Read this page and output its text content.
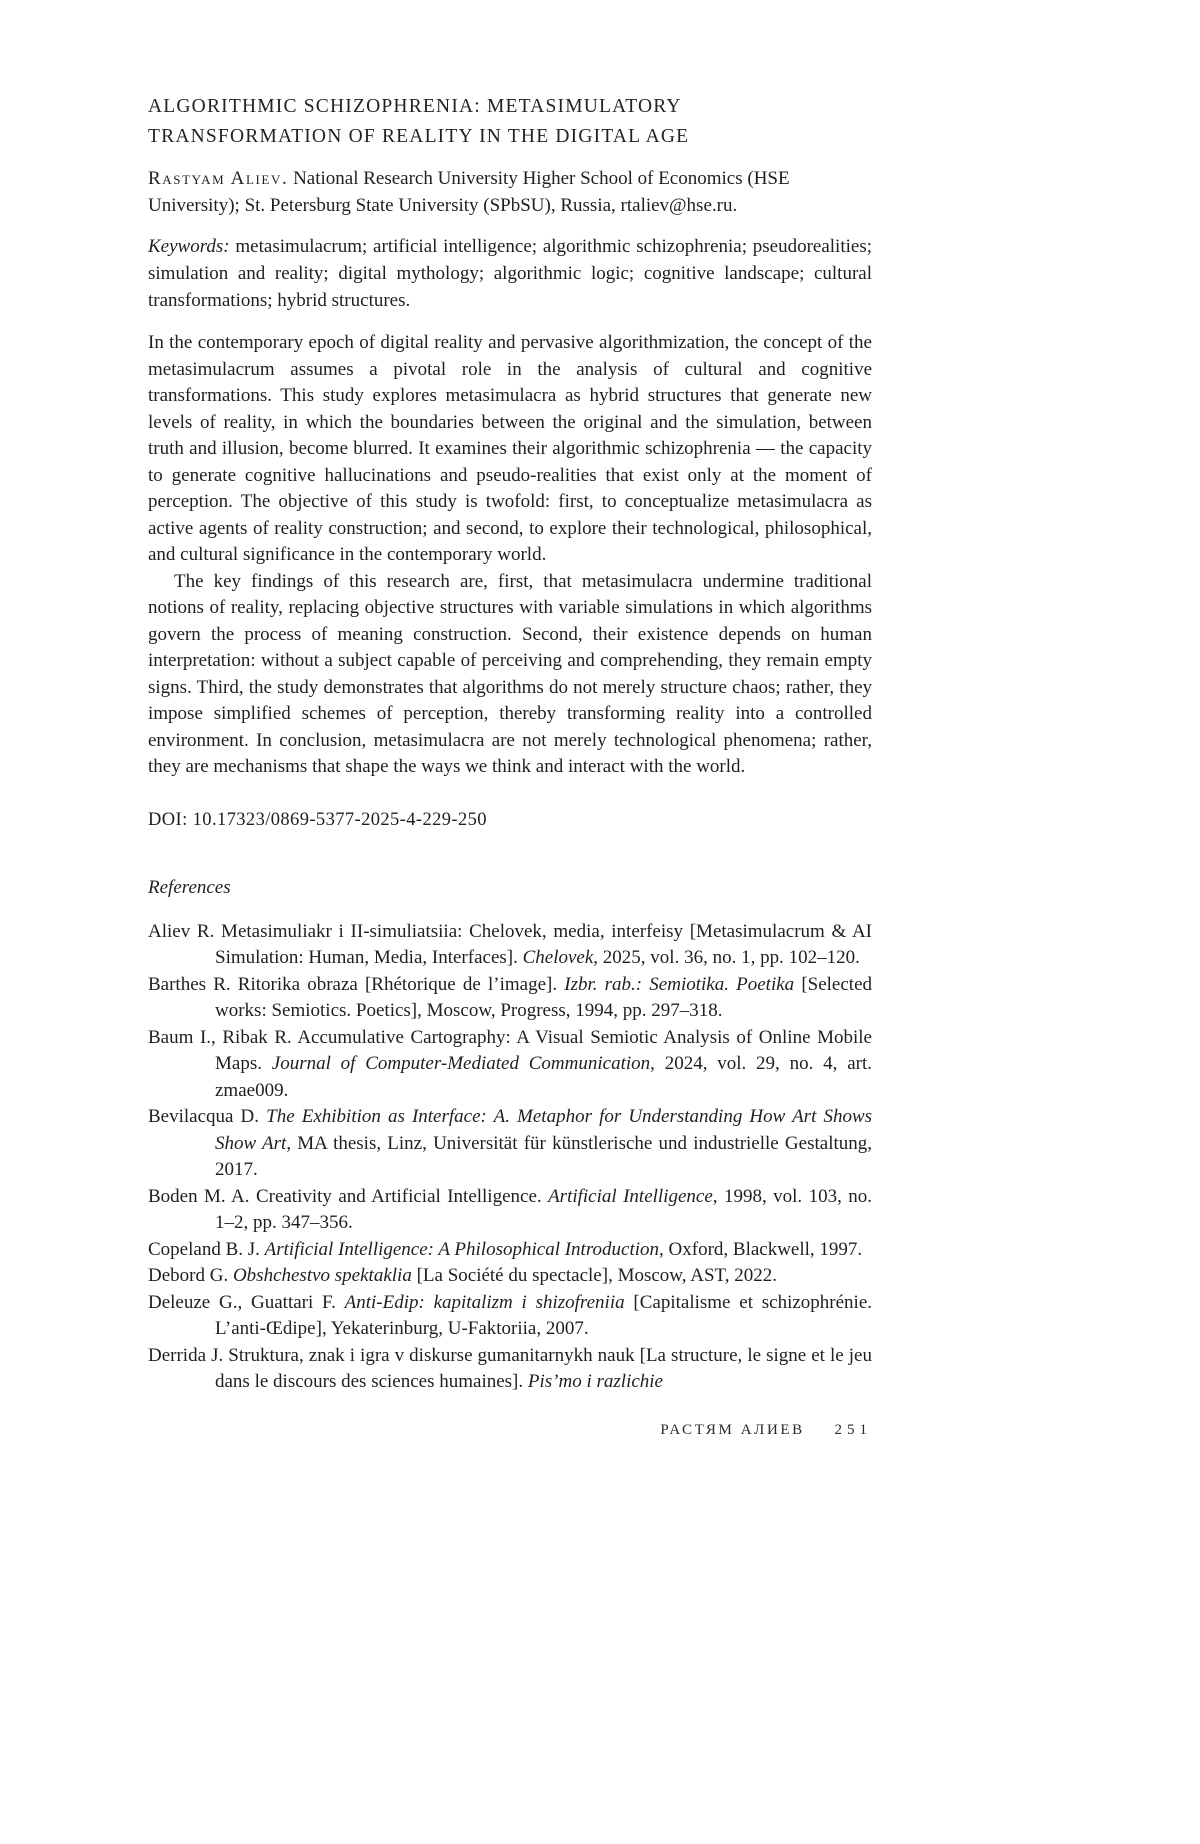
ALGORITHMIC SCHIZOPHRENIA: METASIMULATORY TRANSFORMATION OF REALITY IN THE DIGITAL AGE

Rastyam Aliev. National Research University Higher School of Economics (HSE University); St. Petersburg State University (SPbSU), Russia, rtaliev@hse.ru.

Keywords: metasimulacrum; artificial intelligence; algorithmic schizophrenia; pseudorealities; simulation and reality; digital mythology; algorithmic logic; cognitive landscape; cultural transformations; hybrid structures.

In the contemporary epoch of digital reality and pervasive algorithmization, the concept of the metasimulacrum assumes a pivotal role in the analysis of cultural and cognitive transformations. This study explores metasimulacra as hybrid structures that generate new levels of reality, in which the boundaries between the original and the simulation, between truth and illusion, become blurred. It examines their algorithmic schizophrenia — the capacity to generate cognitive hallucinations and pseudo-realities that exist only at the moment of perception. The objective of this study is twofold: first, to conceptualize metasimulacra as active agents of reality construction; and second, to explore their technological, philosophical, and cultural significance in the contemporary world.

The key findings of this research are, first, that metasimulacra undermine traditional notions of reality, replacing objective structures with variable simulations in which algorithms govern the process of meaning construction. Second, their existence depends on human interpretation: without a subject capable of perceiving and comprehending, they remain empty signs. Third, the study demonstrates that algorithms do not merely structure chaos; rather, they impose simplified schemes of perception, thereby transforming reality into a controlled environment. In conclusion, metasimulacra are not merely technological phenomena; rather, they are mechanisms that shape the ways we think and interact with the world.

DOI: 10.17323/0869-5377-2025-4-229-250

References

Aliev R. Metasimuliakr i II-simuliatsiia: Chelovek, media, interfeisy [Metasimulacrum & AI Simulation: Human, Media, Interfaces]. Chelovek, 2025, vol. 36, no. 1, pp. 102–120.

Barthes R. Ritorika obraza [Rhétorique de l’image]. Izbr. rab.: Semiotika. Poetika [Selected works: Semiotics. Poetics], Moscow, Progress, 1994, pp. 297–318.

Baum I., Ribak R. Accumulative Cartography: A Visual Semiotic Analysis of Online Mobile Maps. Journal of Computer-Mediated Communication, 2024, vol. 29, no. 4, art. zmae009.

Bevilacqua D. The Exhibition as Interface: A. Metaphor for Understanding How Art Shows Show Art, MA thesis, Linz, Universität für künstlerische und industrielle Gestaltung, 2017.

Boden M. A. Creativity and Artificial Intelligence. Artificial Intelligence, 1998, vol. 103, no. 1–2, pp. 347–356.

Copeland B. J. Artificial Intelligence: A Philosophical Introduction, Oxford, Blackwell, 1997.

Debord G. Obshchestvo spektaklia [La Société du spectacle], Moscow, AST, 2022.

Deleuze G., Guattari F. Anti-Edip: kapitalizm i shizofreniia [Capitalisme et schizophrénie. L’anti-Œdipe], Yekaterinburg, U-Faktoriia, 2007.

Derrida J. Struktura, znak i igra v diskurse gumanitarnykh nauk [La structure, le signe et le jeu dans le discours des sciences humaines]. Pis’mo i razlichie

РАСТЯМ АЛИЕВ 251
